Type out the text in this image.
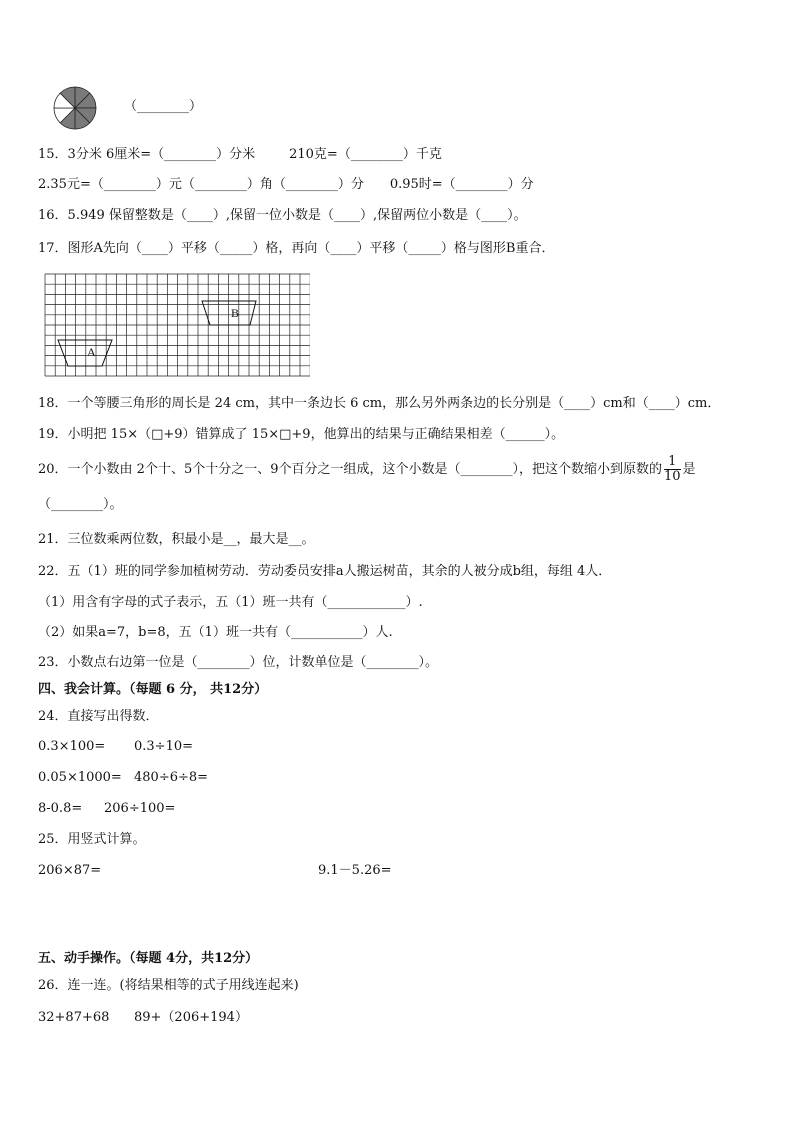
（________）
15．3分米 6厘米=（________）分米	210克=（________）千克
2.35元=（________）元（________）角（________）分 0.95时=（________）分
16．5.949 保留整数是（____）,保留一位小数是（____）,保留两位小数是（____）。
17．图形A先向（____）平移（_____）格，再向（____）平移（_____）格与图形B重合．
B
A
18．一个等腰三角形的周长是 24 cm，其中一条边长 6 cm，那么另外两条边的长分别是（____）cm和（____）cm．
19．小明把 15×（□+9）错算成了 15×□+9，他算出的结果与正确结果相差（______）。
20．一个小数由 2个十、5个十分之一、9个百分之一组成，这个小数是（________），把这个数缩小到原数的 $\frac{1}{10}$ 是
（________）。
21．三位数乘两位数，积最小是__，最大是__。
22．五（1）班的同学参加植树劳动．劳动委员安排a人搬运树苗，其余的人被分成b组，每组 4人．
（1）用含有字母的式子表示，五（1）班一共有（____________）.
（2）如果a=7，b=8，五（1）班一共有（___________）人.
23．小数点右边第一位是（________）位，计数单位是（________）。
四、我会计算。（每题 6 分， 共12分）
24．直接写出得数．
0.3×100= 0.3÷10=
0.05×1000= 480÷6÷8=
8-0.8= 206÷100=
25．用竖式计算。
206×87=	9.1－5.26=
五、动手操作。（每题 4分，共12分）
26．连一连。(将结果相等的式子用线连起来)
32+87+68 89+（206+194）
